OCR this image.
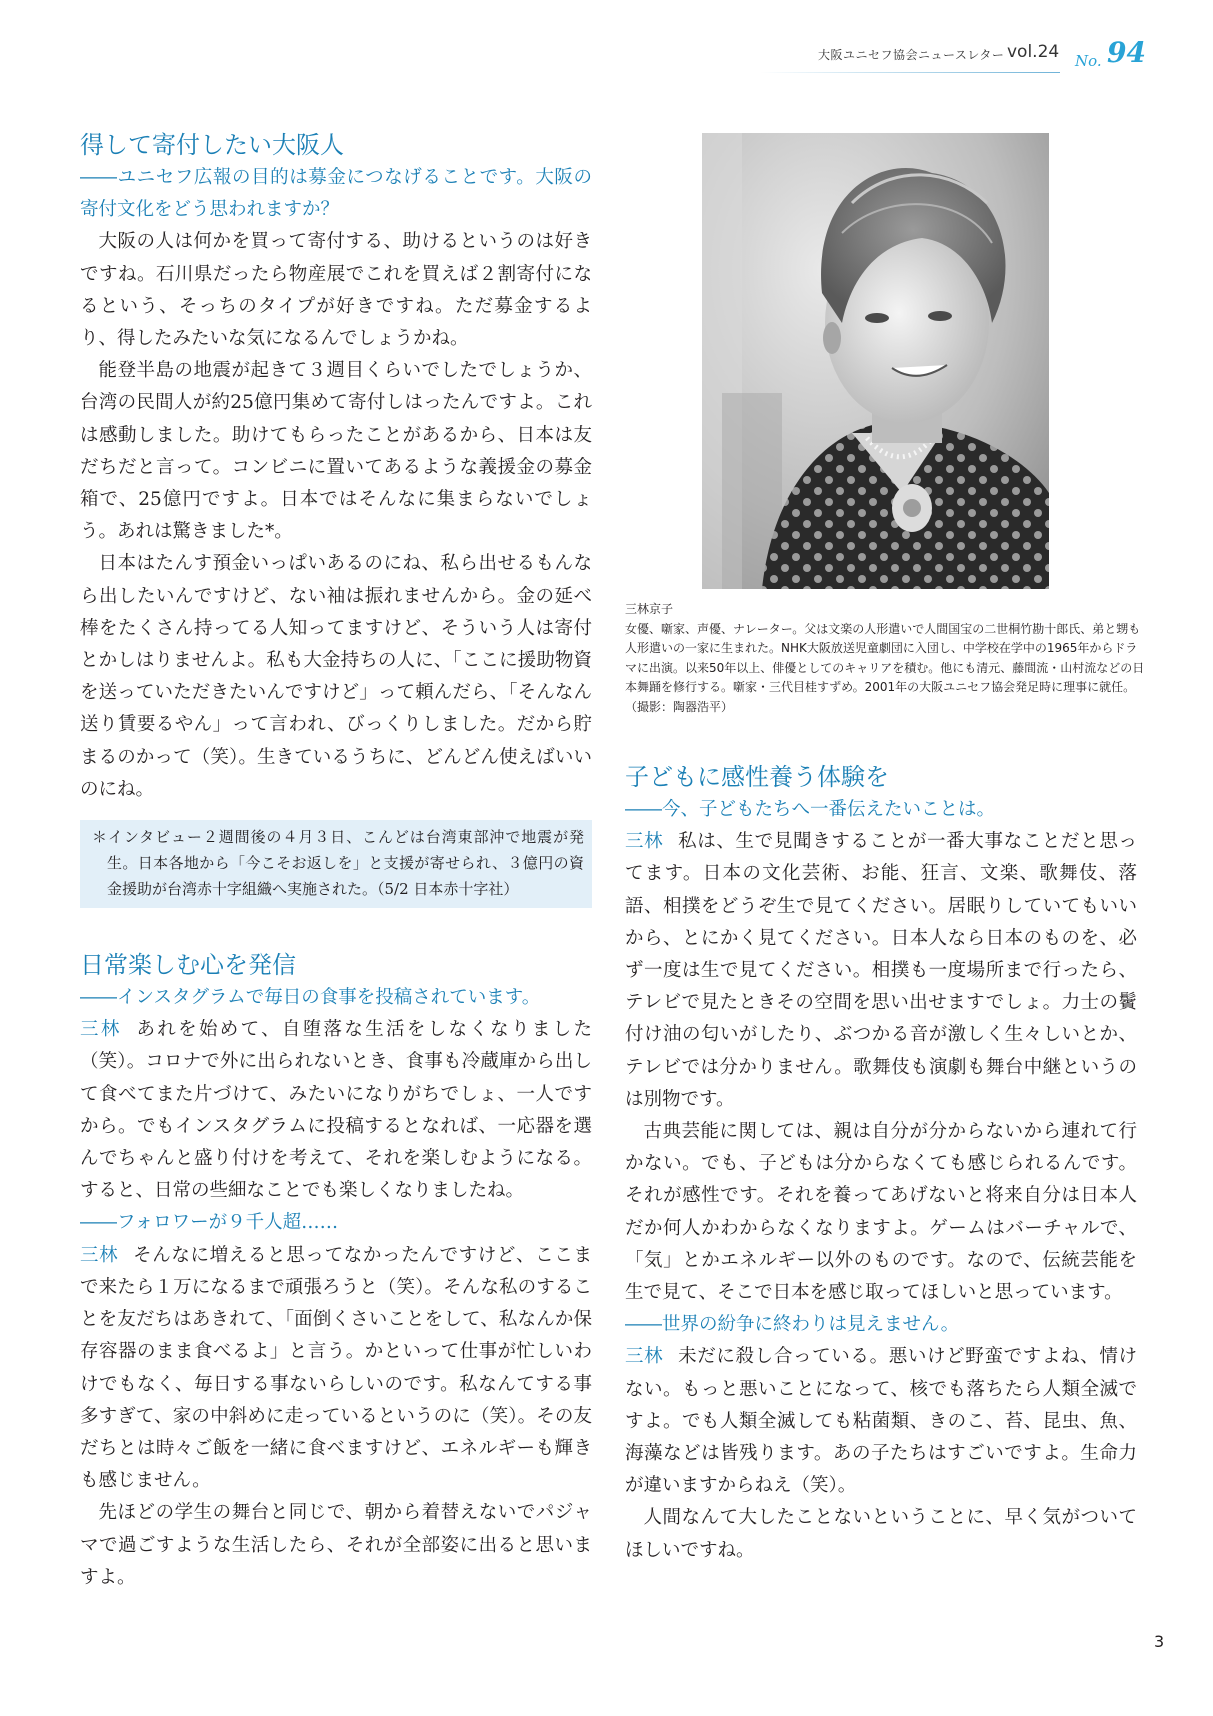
大阪ユニセフ協会ニュースレター vol.24 No. 94
得して寄付したい大阪人

――ユニセフ広報の目的は募金につなげることです。大阪の寄付文化をどう思われますか？

大阪の人は何かを買って寄付する、助けるというのは好きですね。石川県だったら物産展でこれを買えば２割寄付になるという、そっちのタイプが好きですね。ただ募金するより、得したみたいな気になるんでしょうかね。

能登半島の地震が起きて３週目くらいでしたでしょうか、台湾の民間人が約25億円集めて寄付しはったんですよ。これは感動しました。助けてもらったことがあるから、日本は友だちだと言って。コンビニに置いてあるような義援金の募金箱で、25億円ですよ。日本ではそんなに集まらないでしょう。あれは驚きました*。

日本はたんす預金いっぱいあるのにね、私ら出せるもんなら出したいんですけど、ない袖は振れませんから。金の延べ棒をたくさん持ってる人知ってますけど、そういう人は寄付とかしはりませんよ。私も大金持ちの人に、「ここに援助物資を送っていただきたいんですけど」って頼んだら、「そんなん送り賃要るやん」って言われ、びっくりしました。だから貯まるのかって（笑）。生きているうちに、どんどん使えばいいのにね。

＊インタビュー２週間後の４月３日、こんどは台湾東部沖で地震が発生。日本各地から「今こそお返しを」と支援が寄せられ、３億円の資金援助が台湾赤十字組織へ実施された。（5/2 日本赤十字社）

日常楽しむ心を発信

――インスタグラムで毎日の食事を投稿されています。

三林 あれを始めて、自堕落な生活をしなくなりました（笑）。コロナで外に出られないとき、食事も冷蔵庫から出して食べてまた片づけて、みたいになりがちでしょ、一人ですから。でもインスタグラムに投稿するとなれば、一応器を選んでちゃんと盛り付けを考えて、それを楽しむようになる。すると、日常の些細なことでも楽しくなりましたね。

――フォロワーが９千人超……

三林 そんなに増えると思ってなかったんですけど、ここまで来たら１万になるまで頑張ろうと（笑）。そんな私のすることを友だちはあきれて、「面倒くさいことをして、私なんか保存容器のまま食べるよ」と言う。かといって仕事が忙しいわけでもなく、毎日する事ないらしいのです。私なんてする事多すぎて、家の中斜めに走っているというのに（笑）。その友だちとは時々ご飯を一緒に食べますけど、エネルギーも輝きも感じません。

先ほどの学生の舞台と同じで、朝から着替えないでパジャマで過ごすような生活したら、それが全部姿に出ると思いますよ。

三林京子

女優、噺家、声優、ナレーター。父は文楽の人形遣いで人間国宝の二世桐竹勘十郎氏、弟と甥も人形遣いの一家に生まれた。NHK大阪放送児童劇団に入団し、中学校在学中の1965年からドラマに出演。以来50年以上、俳優としてのキャリアを積む。他にも清元、藤間流・山村流などの日本舞踊を修行する。噺家・三代目桂すずめ。2001年の大阪ユニセフ協会発足時に理事に就任。（撮影：陶器浩平）

子どもに感性養う体験を

――今、子どもたちへ一番伝えたいことは。

三林 私は、生で見聞きすることが一番大事なことだと思ってます。日本の文化芸術、お能、狂言、文楽、歌舞伎、落語、相撲をどうぞ生で見てください。居眠りしていてもいいから、とにかく見てください。日本人なら日本のものを、必ず一度は生で見てください。相撲も一度場所まで行ったら、テレビで見たときその空間を思い出せますでしょ。力士の鬢付け油の匂いがしたり、ぶつかる音が激しく生々しいとか、テレビでは分かりません。歌舞伎も演劇も舞台中継というのは別物です。

古典芸能に関しては、親は自分が分からないから連れて行かない。でも、子どもは分からなくても感じられるんです。それが感性です。それを養ってあげないと将来自分は日本人だか何人かわからなくなりますよ。ゲームはバーチャルで、「気」とかエネルギー以外のものです。なので、伝統芸能を生で見て、そこで日本を感じ取ってほしいと思っています。

――世界の紛争に終わりは見えません。

三林 未だに殺し合っている。悪いけど野蛮ですよね、情けない。もっと悪いことになって、核でも落ちたら人類全滅ですよ。でも人類全滅しても粘菌類、きのこ、苔、昆虫、魚、海藻などは皆残ります。あの子たちはすごいですよ。生命力が違いますからねえ（笑）。

人間なんて大したことないということに、早く気がついてほしいですね。

3
